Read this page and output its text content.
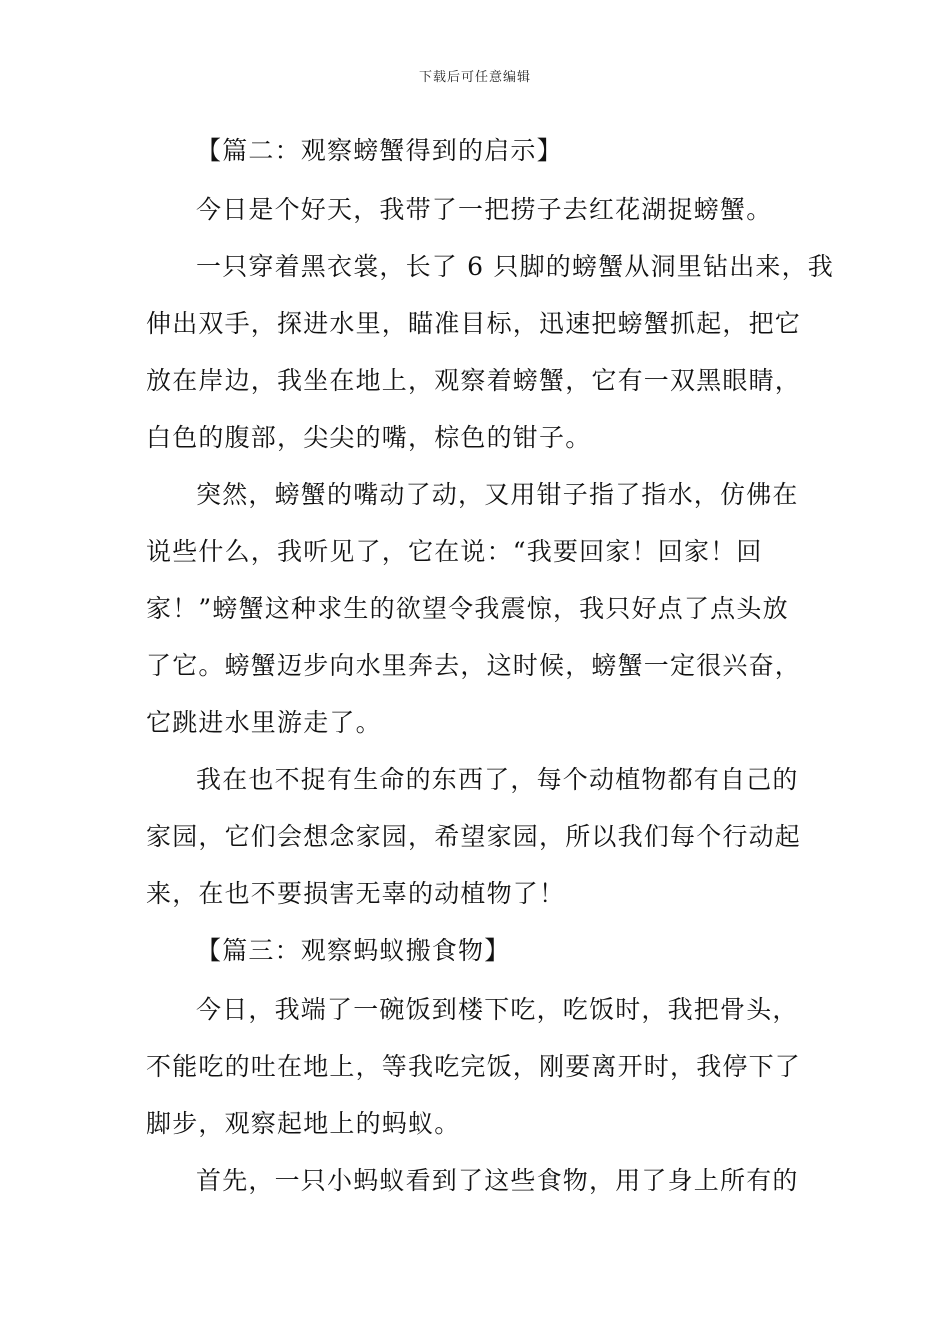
下载后可任意编辑
【篇二：观察螃蟹得到的启示】
今日是个好天，我带了一把捞子去红花湖捉螃蟹。
一只穿着黑衣裳，长了 6 只脚的螃蟹从洞里钻出来，我
伸出双手，探进水里，瞄准目标，迅速把螃蟹抓起，把它
放在岸边，我坐在地上，观察着螃蟹，它有一双黑眼睛，
白色的腹部，尖尖的嘴，棕色的钳子。
突然，螃蟹的嘴动了动，又用钳子指了指水，仿佛在
说些什么，我听见了，它在说：“我要回家！回家！回
家！”螃蟹这种求生的欲望令我震惊，我只好点了点头放
了它。螃蟹迈步向水里奔去，这时候，螃蟹一定很兴奋，
它跳进水里游走了。
我在也不捉有生命的东西了，每个动植物都有自己的
家园，它们会想念家园，希望家园，所以我们每个行动起
来，在也不要损害无辜的动植物了！
【篇三：观察蚂蚁搬食物】
今日，我端了一碗饭到楼下吃，吃饭时，我把骨头，
不能吃的吐在地上，等我吃完饭，刚要离开时，我停下了
脚步，观察起地上的蚂蚁。
首先，一只小蚂蚁看到了这些食物，用了身上所有的
